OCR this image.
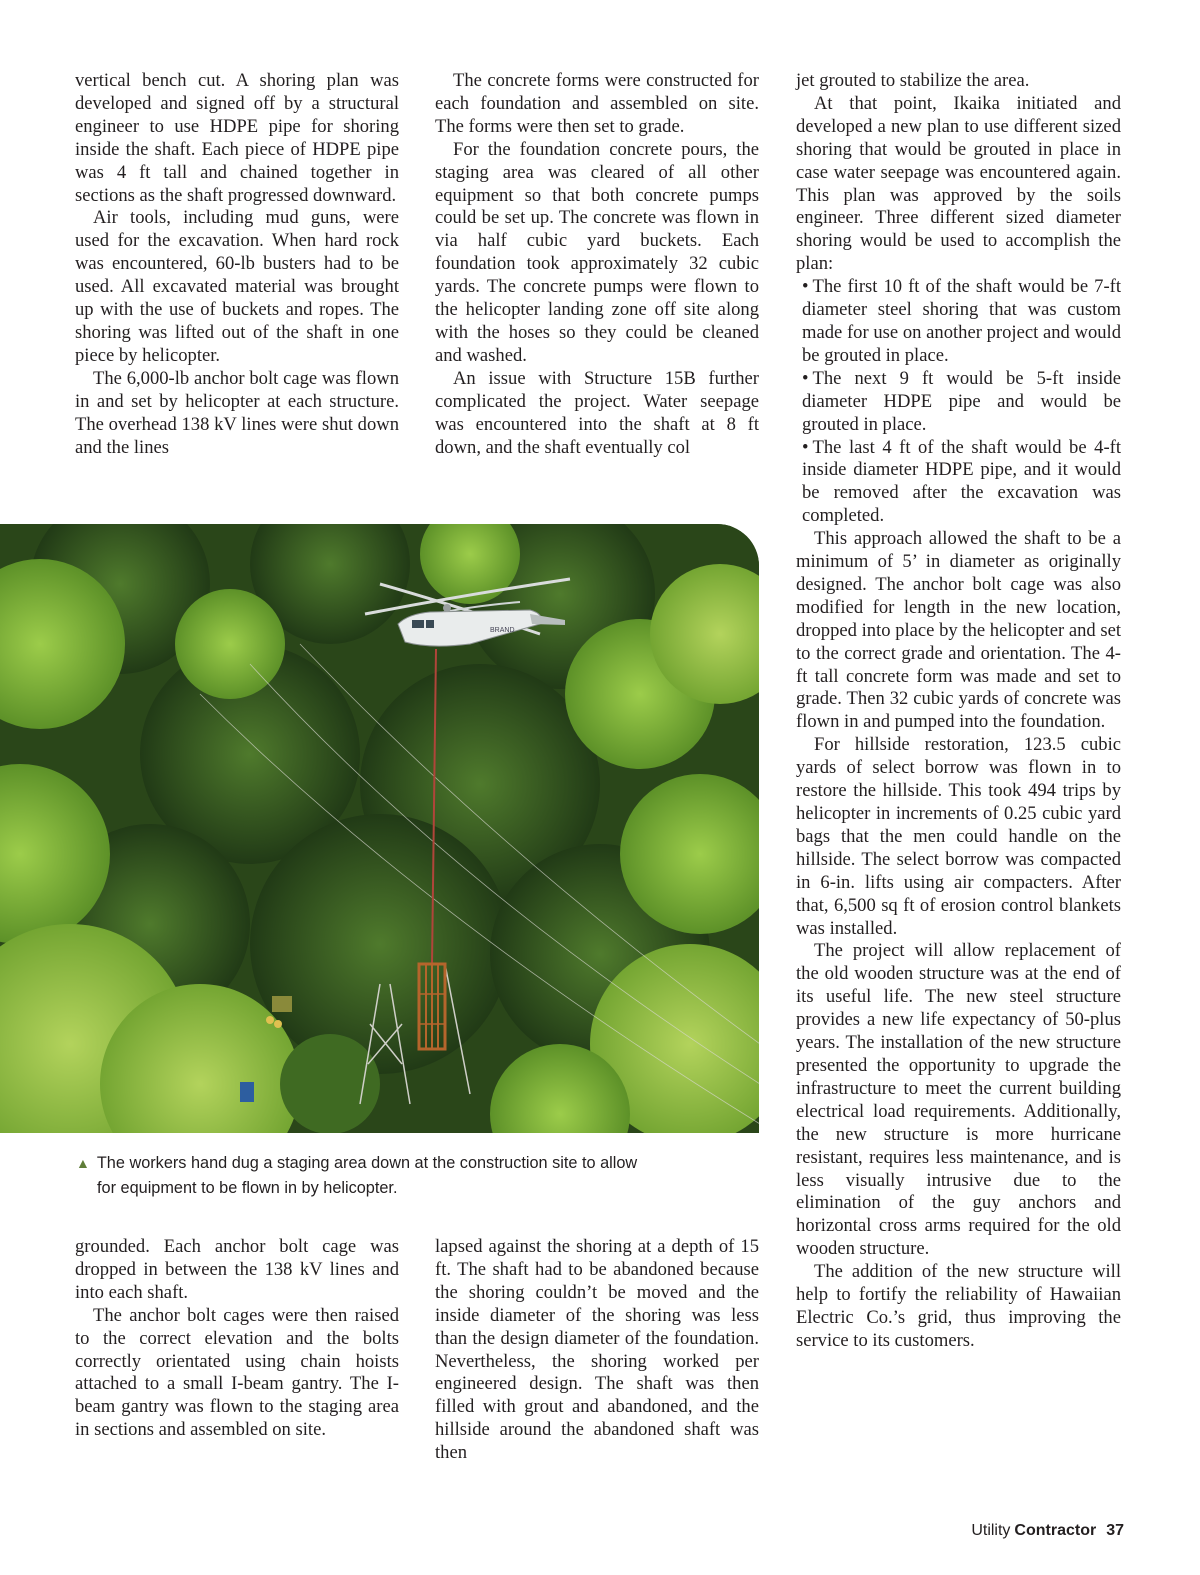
vertical bench cut. A shoring plan was developed and signed off by a structural engineer to use HDPE pipe for shoring inside the shaft. Each piece of HDPE pipe was 4 ft tall and chained together in sections as the shaft progressed downward.

Air tools, including mud guns, were used for the excavation. When hard rock was encountered, 60-lb busters had to be used. All excavated material was brought up with the use of buckets and ropes. The shoring was lifted out of the shaft in one piece by helicopter.

The 6,000-lb anchor bolt cage was flown in and set by helicopter at each structure. The overhead 138 kV lines were shut down and the lines

The concrete forms were constructed for each foundation and assembled on site. The forms were then set to grade.

For the foundation concrete pours, the staging area was cleared of all other equipment so that both concrete pumps could be set up. The concrete was flown in via half cubic yard buckets. Each foundation took approximately 32 cubic yards. The concrete pumps were flown to the helicopter landing zone off site along with the hoses so they could be cleaned and washed.

An issue with Structure 15B further complicated the project. Water seepage was encountered into the shaft at 8 ft down, and the shaft eventually col

jet grouted to stabilize the area.

At that point, Ikaika initiated and developed a new plan to use different sized shoring that would be grouted in place in case water seepage was encountered again. This plan was approved by the soils engineer. Three different sized diameter shoring would be used to accomplish the plan:

• The first 10 ft of the shaft would be 7-ft diameter steel shoring that was custom made for use on another project and would be grouted in place.

• The next 9 ft would be 5-ft inside diameter HDPE pipe and would be grouted in place.

• The last 4 ft of the shaft would be 4-ft inside diameter HDPE pipe, and it would be removed after the excavation was completed.

This approach allowed the shaft to be a minimum of 5’ in diameter as originally designed. The anchor bolt cage was also modified for length in the new location, dropped into place by the helicopter and set to the correct grade and orientation. The 4-ft tall concrete form was made and set to grade. Then 32 cubic yards of concrete was flown in and pumped into the foundation.

For hillside restoration, 123.5 cubic yards of select borrow was flown in to restore the hillside. This took 494 trips by helicopter in increments of 0.25 cubic yard bags that the men could handle on the hillside. The select borrow was compacted in 6-in. lifts using air compacters. After that, 6,500 sq ft of erosion control blankets was installed.

The project will allow replacement of the old wooden structure was at the end of its useful life. The new steel structure provides a new life expectancy of 50-plus years. The installation of the new structure presented the opportunity to upgrade the infrastructure to meet the current building electrical load requirements. Additionally, the new structure is more hurricane resistant, requires less maintenance, and is less visually intrusive due to the elimination of the guy anchors and horizontal cross arms required for the old wooden structure.

The addition of the new structure will help to fortify the reliability of Hawaiian Electric Co.’s grid, thus improving the service to its customers.

BRAND
▲ The workers hand dug a staging area down at the construction site to allow
for equipment to be flown in by helicopter.

grounded. Each anchor bolt cage was dropped in between the 138 kV lines and into each shaft.

The anchor bolt cages were then raised to the correct elevation and the bolts correctly orientated using chain hoists attached to a small I-beam gantry. The I-beam gantry was flown to the staging area in sections and assembled on site.

lapsed against the shoring at a depth of 15 ft. The shaft had to be abandoned because the shoring couldn’t be moved and the inside diameter of the shoring was less than the design diameter of the foundation. Nevertheless, the shoring worked per engineered design. The shaft was then filled with grout and abandoned, and the hillside around the abandoned shaft was then

Utility Contractor 37
